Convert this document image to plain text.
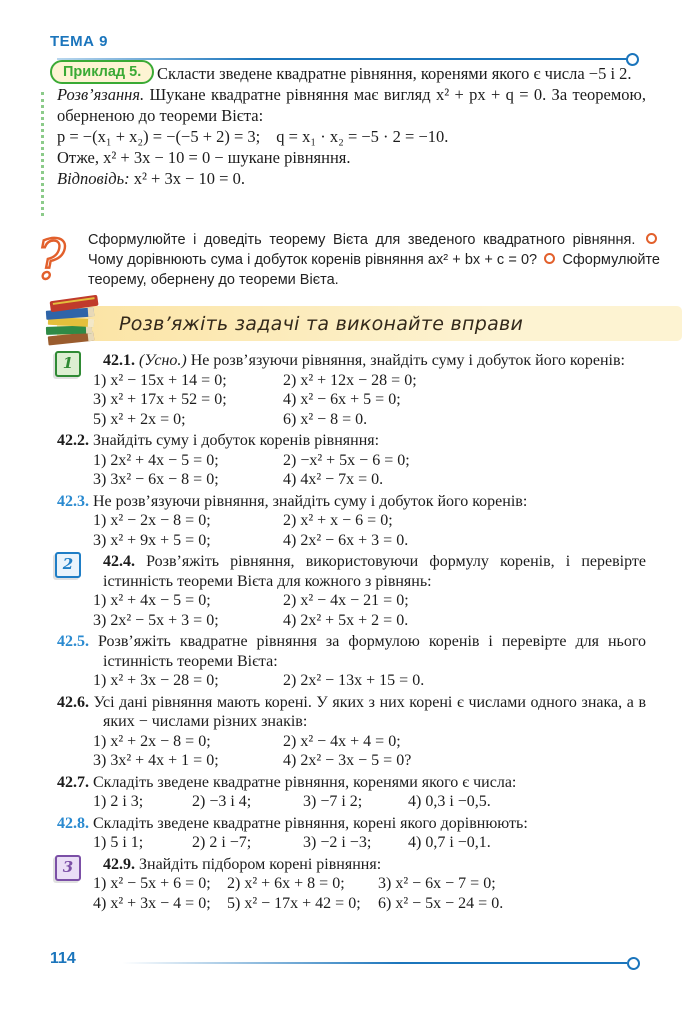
ТЕМА 9
Приклад 5. Скласти зведене квадратне рівняння, коренями якого є числа −5 і 2.

Розв’язання. Шукане квадратне рівняння має вигляд x² + px + q = 0. За теоремою, оберненою до теореми Вієта:

p = −(x₁ + x₂) = −(−5 + 2) = 3; q = x₁ · x₂ = −5 · 2 = −10.

Отже, x² + 3x − 10 = 0 − шукане рівняння.

Відповідь: x² + 3x − 10 = 0.

? Сформулюйте і доведіть теорему Вієта для зведеного квадратного рівняння.  Чому дорівнюють сума і добуток коренів рівняння ax² + bx + c = 0? Сформулюйте теорему, обернену до теореми Вієта.
Розв’яжіть задачі та виконайте вправи
1	42.1. (Усно.) Не розв’язуючи рівняння, знайдіть суму і добуток його коренів:

1) x² − 15x + 14 = 0;	2) x² + 12x − 28 = 0;
3) x² + 17x + 52 = 0;	4) x² − 6x + 5 = 0;
5) x² + 2x = 0;	6) x² − 8 = 0.

42.2. Знайдіть суму і добуток коренів рівняння:

1) 2x² + 4x − 5 = 0;	2) −x² + 5x − 6 = 0;
3) 3x² − 6x − 8 = 0;	4) 4x² − 7x = 0.

42.3. Не розв’язуючи рівняння, знайдіть суму і добуток його коренів:

1) x² − 2x − 8 = 0;	2) x² + x − 6 = 0;
3) x² + 9x + 5 = 0;	4) 2x² − 6x + 3 = 0.
2	42.4. Розв’яжіть рівняння, використовуючи формулу коренів, і перевірте істинність теореми Вієта для кожного з рівнянь:

1) x² + 4x − 5 = 0;	2) x² − 4x − 21 = 0;
3) 2x² − 5x + 3 = 0;	4) 2x² + 5x + 2 = 0.

42.5. Розв’яжіть квадратне рівняння за формулою коренів і перевірте для нього істинність теореми Вієта:

1) x² + 3x − 28 = 0;	2) 2x² − 13x + 15 = 0.

42.6. Усі дані рівняння мають корені. У яких з них корені є числами одного знака, а в яких − числами різних знаків:

1) x² + 2x − 8 = 0;	2) x² − 4x + 4 = 0;
3) 3x² + 4x + 1 = 0;	4) 2x² − 3x − 5 = 0?

42.7. Складіть зведене квадратне рівняння, коренями якого є числа:

1) 2 і 3;	2) −3 і 4;	3) −7 і 2;	4) 0,3 і −0,5.

42.8. Складіть зведене квадратне рівняння, корені якого дорівнюють:

1) 5 і 1;	2) 2 і −7;	3) −2 і −3;	4) 0,7 і −0,1.
3	42.9. Знайдіть підбором корені рівняння:

1) x² − 5x + 6 = 0;	2) x² + 6x + 8 = 0;	3) x² − 6x − 7 = 0;
4) x² + 3x − 4 = 0;	5) x² − 17x + 42 = 0;	6) x² − 5x − 24 = 0.
114
